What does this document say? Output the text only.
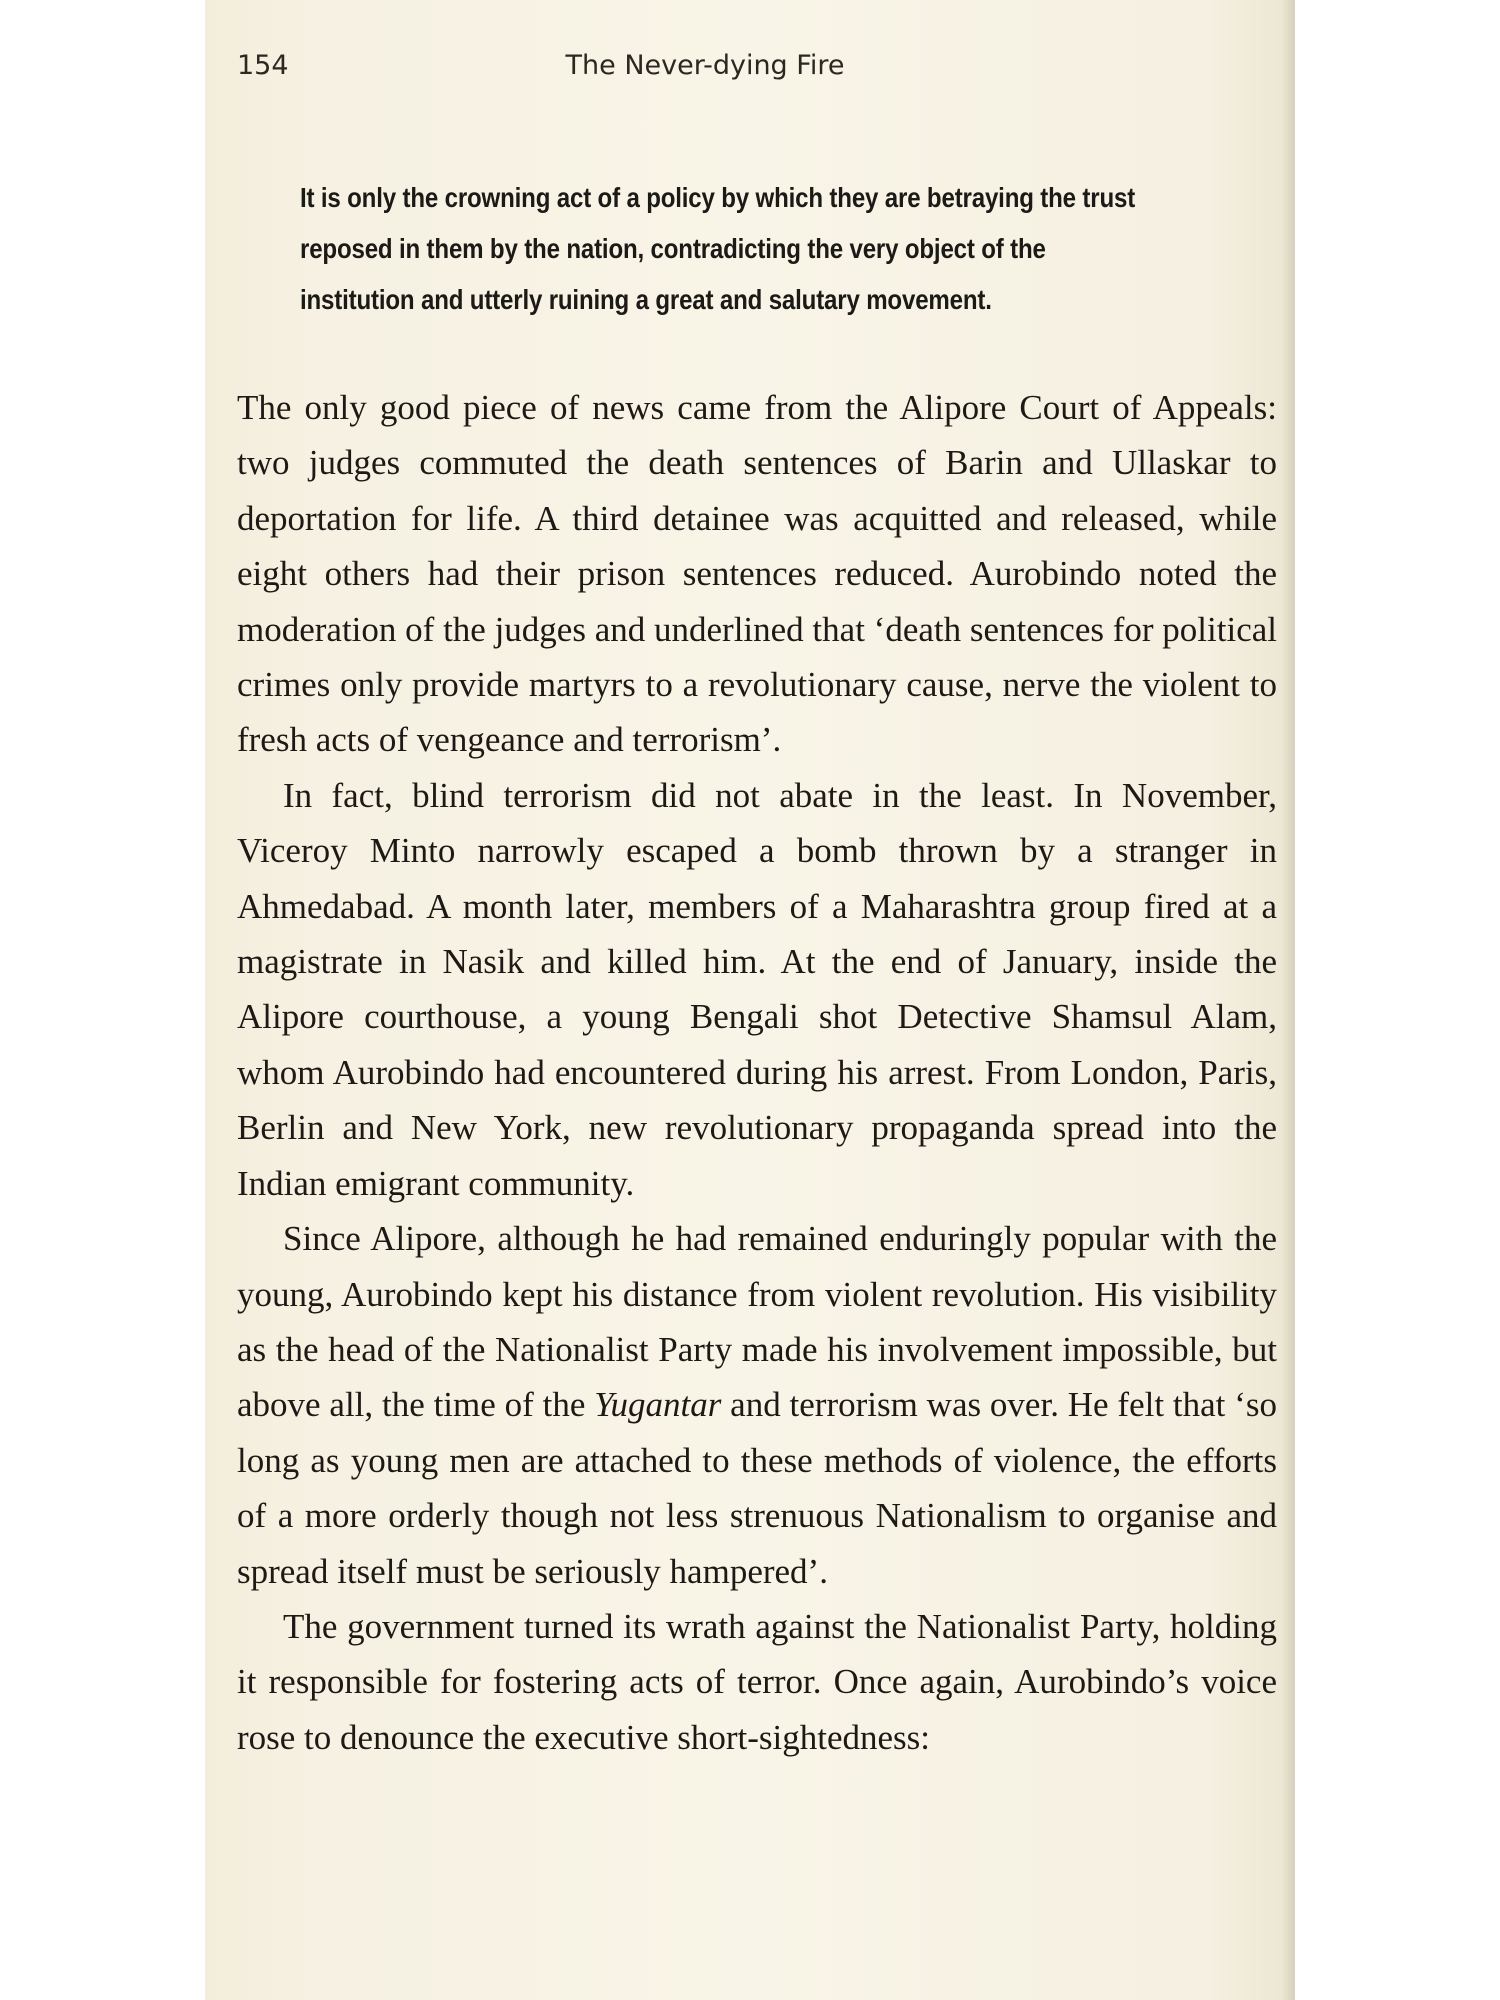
154	The Never-dying Fire
It is only the crowning act of a policy by which they are betraying the trust reposed in them by the nation, contradicting the very object of the institution and utterly ruining a great and salutary movement.

The only good piece of news came from the Alipore Court of Appeals: two judges commuted the death sentences of Barin and Ullaskar to deportation for life. A third detainee was acquitted and released, while eight others had their prison sentences reduced. Aurobindo noted the moderation of the judges and underlined that ‘death sentences for political crimes only provide martyrs to a revolutionary cause, nerve the violent to fresh acts of vengeance and terrorism’.

In fact, blind terrorism did not abate in the least. In November, Viceroy Minto narrowly escaped a bomb thrown by a stranger in Ahmedabad. A month later, members of a Maharashtra group fired at a magistrate in Nasik and killed him. At the end of January, inside the Alipore courthouse, a young Bengali shot Detective Shamsul Alam, whom Aurobindo had encountered during his arrest. From London, Paris, Berlin and New York, new revolutionary propaganda spread into the Indian emigrant community.

Since Alipore, although he had remained enduringly popular with the young, Aurobindo kept his distance from violent revolution. His visibility as the head of the Nationalist Party made his involvement impossible, but above all, the time of the Yugantar and terrorism was over. He felt that ‘so long as young men are attached to these methods of violence, the efforts of a more orderly though not less strenuous Nationalism to organise and spread itself must be seriously hampered’.

The government turned its wrath against the Nationalist Party, holding it responsible for fostering acts of terror. Once again, Aurobindo’s voice rose to denounce the executive short-sightedness:
